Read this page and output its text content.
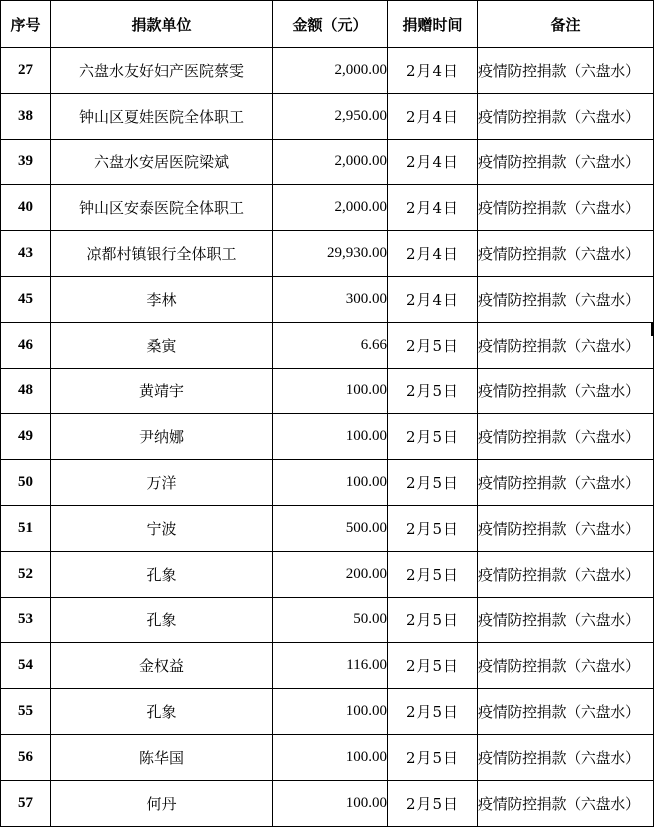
序号	捐款单位	金额（元）	捐赠时间	备注
27	六盘水友好妇产医院蔡雯	2,000.00	2月4日	疫情防控捐款（六盘水）
38	钟山区夏娃医院全体职工	2,950.00	2月4日	疫情防控捐款（六盘水）
39	六盘水安居医院梁斌	2,000.00	2月4日	疫情防控捐款（六盘水）
40	钟山区安泰医院全体职工	2,000.00	2月4日	疫情防控捐款（六盘水）
43	凉都村镇银行全体职工	29,930.00	2月4日	疫情防控捐款（六盘水）
45	李林	300.00	2月4日	疫情防控捐款（六盘水）
46	桑寅	6.66	2月5日	疫情防控捐款（六盘水）
48	黄靖宇	100.00	2月5日	疫情防控捐款（六盘水）
49	尹纳娜	100.00	2月5日	疫情防控捐款（六盘水）
50	万洋	100.00	2月5日	疫情防控捐款（六盘水）
51	宁波	500.00	2月5日	疫情防控捐款（六盘水）
52	孔象	200.00	2月5日	疫情防控捐款（六盘水）
53	孔象	50.00	2月5日	疫情防控捐款（六盘水）
54	金权益	116.00	2月5日	疫情防控捐款（六盘水）
55	孔象	100.00	2月5日	疫情防控捐款（六盘水）
56	陈华国	100.00	2月5日	疫情防控捐款（六盘水）
57	何丹	100.00	2月5日	疫情防控捐款（六盘水）
